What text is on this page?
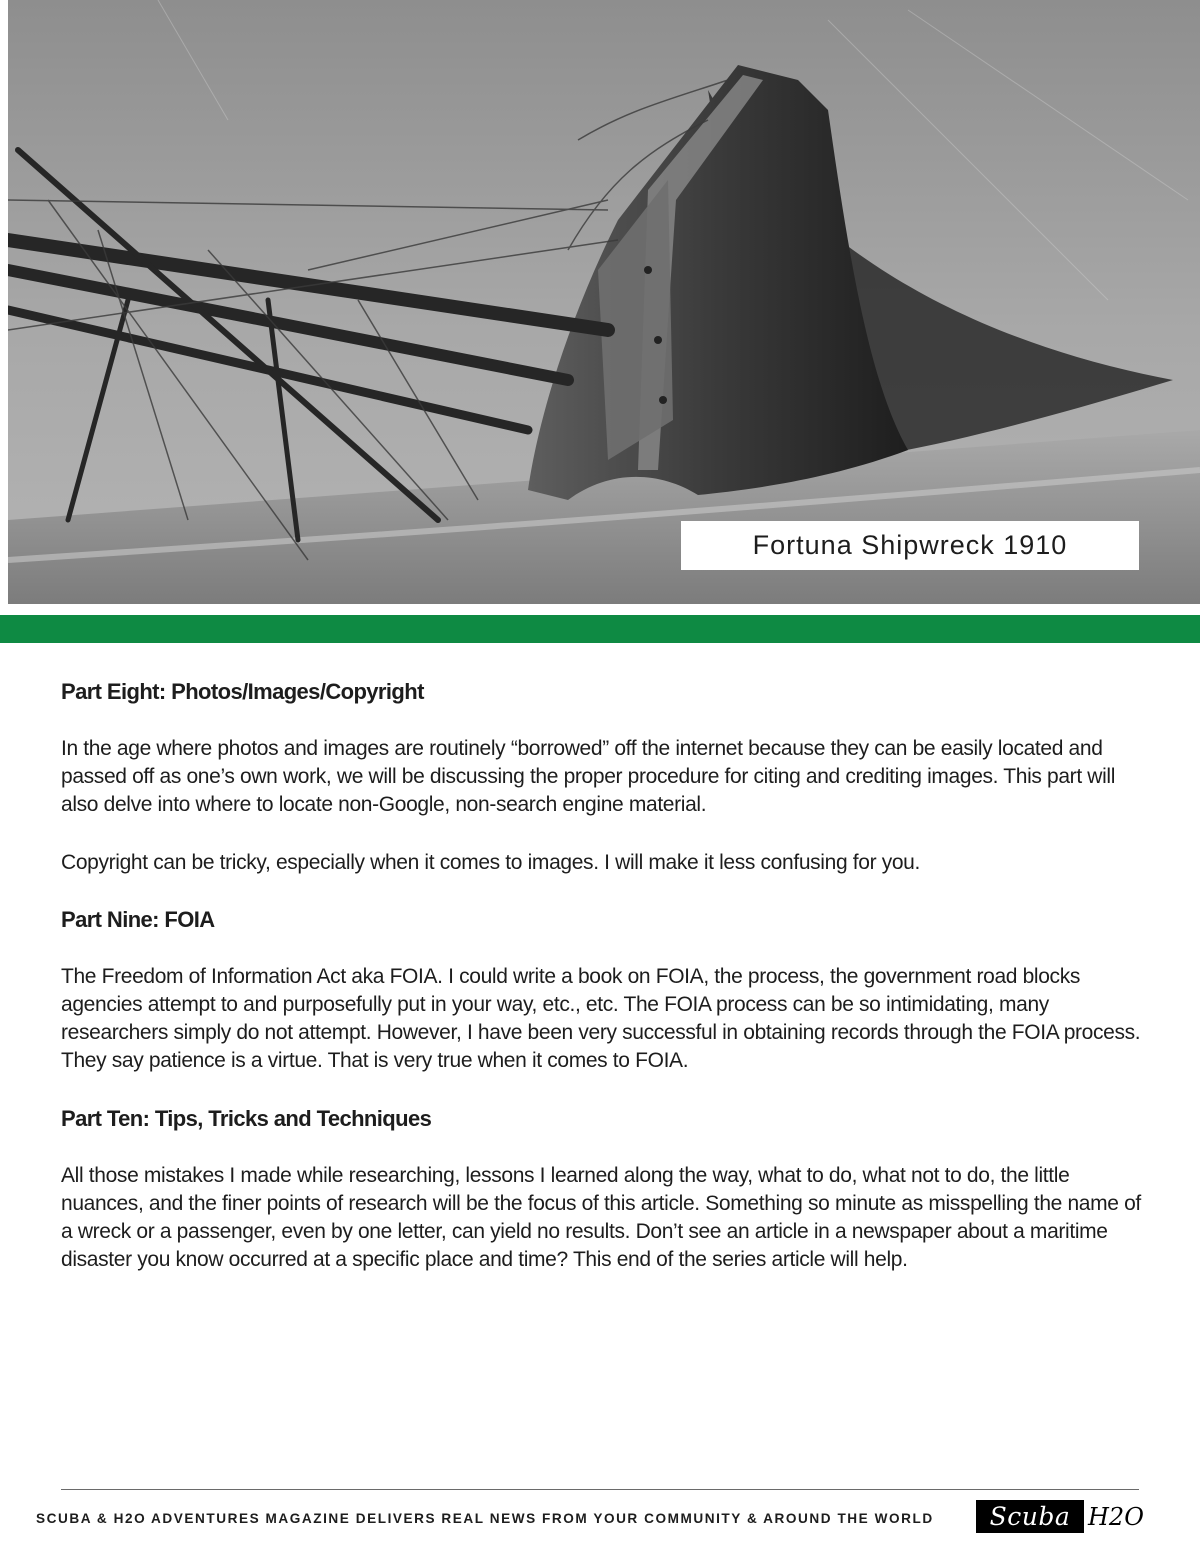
Fortuna Shipwreck 1910
Part Eight: Photos/Images/Copyright

In the age where photos and images are routinely “borrowed” off the internet because they can be easily located and passed off as one’s own work, we will be discussing the proper procedure for citing and crediting images. This part will also delve into where to locate non-Google, non-search engine material.

Copyright can be tricky, especially when it comes to images. I will make it less confusing for you.

Part Nine: FOIA

The Freedom of Information Act aka FOIA. I could write a book on FOIA, the process, the government road blocks agencies attempt to and purposefully put in your way, etc., etc. The FOIA process can be so intimidating, many researchers simply do not attempt. However, I have been very successful in obtaining records through the FOIA process. They say patience is a virtue. That is very true when it comes to FOIA.

Part Ten: Tips, Tricks and Techniques

All those mistakes I made while researching, lessons I learned along the way, what to do, what not to do, the little nuances, and the finer points of research will be the focus of this article. Something so minute as misspelling the name of a wreck or a passenger, even by one letter, can yield no results. Don’t see an article in a newspaper about a maritime disaster you know occurred at a specific place and time? This end of the series article will help.

SCUBA & H2O ADVENTURES MAGAZINE DELIVERS REAL NEWS FROM YOUR COMMUNITY & AROUND THE WORLD	Scuba H2O
